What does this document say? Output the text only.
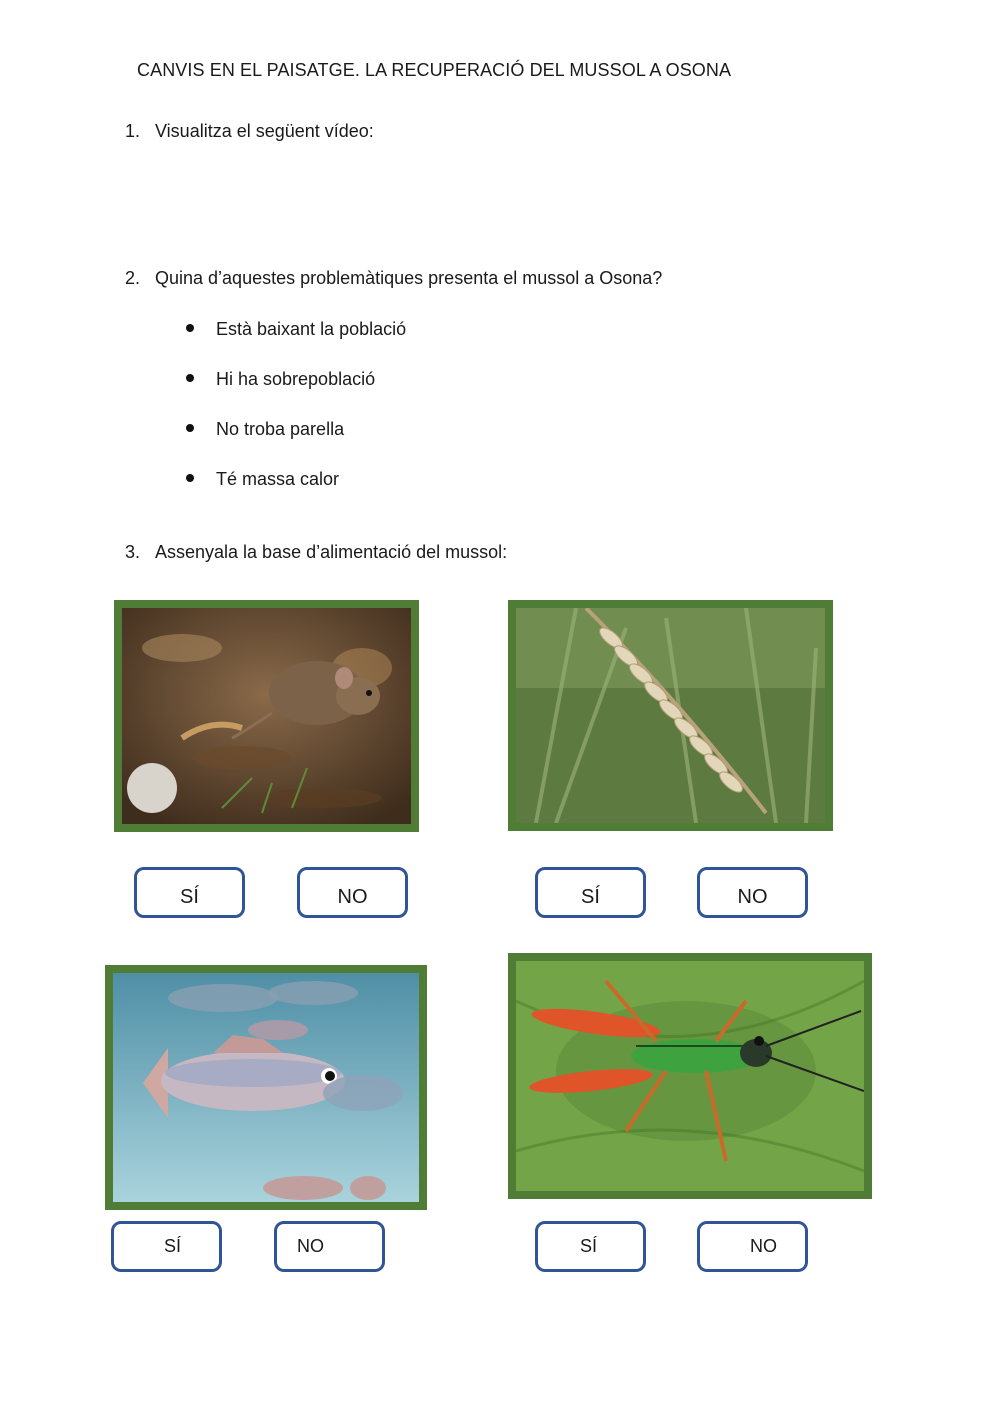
CANVIS EN EL PAISATGE. LA RECUPERACIÓ DEL MUSSOL A OSONA
1. Visualitza el següent vídeo:
2. Quina d’aquestes problemàtiques presenta el mussol a Osona?
Està baixant la població
Hi ha sobrepoblació
No troba parella
Té massa calor
3. Assenyala la base d’alimentació del mussol:
SÍ	NO	SÍ	NO
SÍ	NO	SÍ	NO
